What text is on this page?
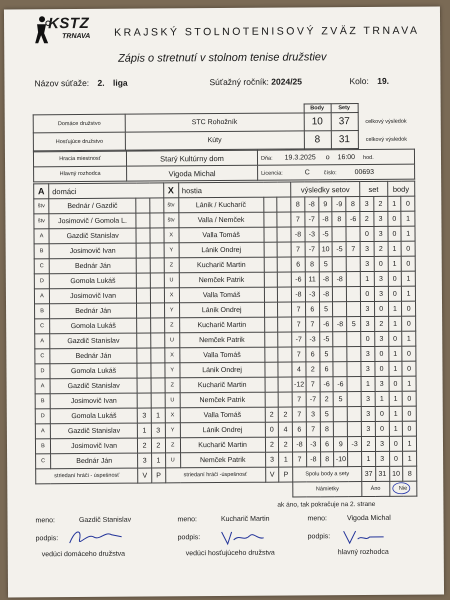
KSTZ
TRNAVA KRAJSKÝ STOLNOTENISOVÝ ZVÄZ TRNAVA
Zápis o stretnutí v stolnom tenise družstiev
Názov súťaže: 2. liga	Súťažný ročník: 2024/25	Kolo: 19.
		Body	Sety	
Domáce družstvo	STC Rohožník	10	37	celkový výsledok
Hosťujúce družstvo	Kúty	8	31	celkový výsledok
Hracia miestnosť	Starý Kultúrny dom	Dňa: 19.3.2025 o 16:00 hod.
Hlavný rozhodca	Vigoda Michal	Licencia: C číslo: 00693
A	domáci			X	hostia			výsledky setov					set		body	
štv	Bednár / Gazdič			štv	Lánik / Kucharíč			8	-8	9	-9	8	3	2	1	0
štv	Josimovič / Gomola L.			štv	Valla / Nemček			7	-7	-8	8	-6	2	3	0	1
A	Gazdič Stanislav			X	Valla Tomáš			-8	-3	-5			0	3	0	1
B	Josimovič Ivan			Y	Lánik Ondrej			7	-7	10	-5	7	3	2	1	0
C	Bednár Ján			Z	Kucharič Martin			6	8	5			3	0	1	0
D	Gomola Lukáš			U	Nemček Patrik			-6	11	-8	-8		1	3	0	1
A	Josimovič Ivan			X	Valla Tomáš			-8	-3	-8			0	3	0	1
B	Bednár Ján			Y	Lánik Ondrej			7	6	5			3	0	1	0
C	Gomola Lukáš			Z	Kucharič Martin			7	7	-6	-8	5	3	2	1	0
A	Gazdič Stanislav			U	Nemček Patrik			-7	-3	-5			0	3	0	1
C	Bednár Ján			X	Valla Tomáš			7	6	5			3	0	1	0
D	Gomola Lukáš			Y	Lánik Ondrej			4	2	6			3	0	1	0
A	Gazdič Stanislav			Z	Kucharič Martin			-12	7	-6	-6		1	3	0	1
B	Josimovič Ivan			U	Nemček Patrik			7	-7	2	5		3	1	1	0
D	Gomola Lukáš	3	1	X	Valla Tomáš	2	2	7	3	5			3	0	1	0
A	Gazdič Stanislav	1	3	Y	Lánik Ondrej	0	4	6	7	8			3	0	1	0
B	Josimovič Ivan	2	2	Z	Kucharič Martin	2	2	-8	-3	6	9	-3	2	3	0	1
C	Bednár Ján	3	1	U	Nemček Patrik	3	1	7	-8	8	-10		1	3	0	1
striedaní hráči - úspešnosť		V	P	striedaní hráči -úspešnosť		V	P	Spolu body a sety					37	31	10	8
								Námietky					Áno		Nie	
ak áno, tak pokračuje na 2. strane
meno:	Gazdič Stanislav	meno:	Kucharič Martin	meno:	Vigoda Michal
podpis:	podpis:	podpis:
vedúci domáceho družstva	vedúci hosťujúceho družstva	hlavný rozhodca
